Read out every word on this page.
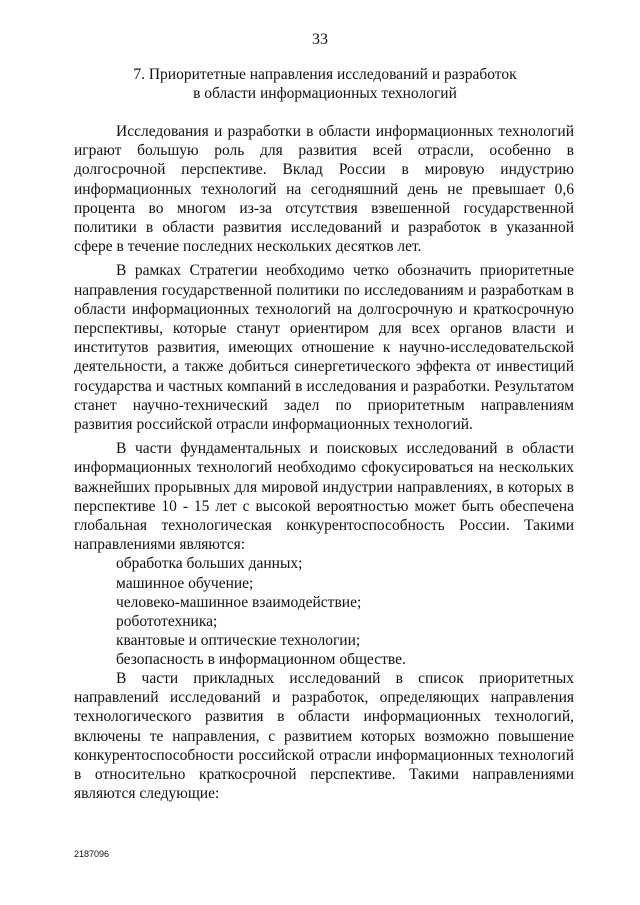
33
7. Приоритетные направления исследований и разработок
в области информационных технологий

Исследования и разработки в области информационных технологий играют большую роль для развития всей отрасли, особенно в долгосрочной перспективе. Вклад России в мировую индустрию информационных технологий на сегодняшний день не превышает 0,6 процента во многом из-за отсутствия взвешенной государственной политики в области развития исследований и разработок в указанной сфере в течение последних нескольких десятков лет.

В рамках Стратегии необходимо четко обозначить приоритетные направления государственной политики по исследованиям и разработкам в области информационных технологий на долгосрочную и краткосрочную перспективы, которые станут ориентиром для всех органов власти и институтов развития, имеющих отношение к научно-исследовательской деятельности, а также добиться синергетического эффекта от инвестиций государства и частных компаний в исследования и разработки. Результатом станет научно-технический задел по приоритетным направлениям развития российской отрасли информационных технологий.

В части фундаментальных и поисковых исследований в области информационных технологий необходимо сфокусироваться на нескольких важнейших прорывных для мировой индустрии направлениях, в которых в перспективе 10 - 15 лет с высокой вероятностью может быть обеспечена глобальная технологическая конкурентоспособность России. Такими направлениями являются:

обработка больших данных;
машинное обучение;
человеко-машинное взаимодействие;
робототехника;
квантовые и оптические технологии;
безопасность в информационном обществе.

В части прикладных исследований в список приоритетных направлений исследований и разработок, определяющих направления технологического развития в области информационных технологий, включены те направления, с развитием которых возможно повышение конкурентоспособности российской отрасли информационных технологий в относительно краткосрочной перспективе. Такими направлениями являются следующие:

2187096
